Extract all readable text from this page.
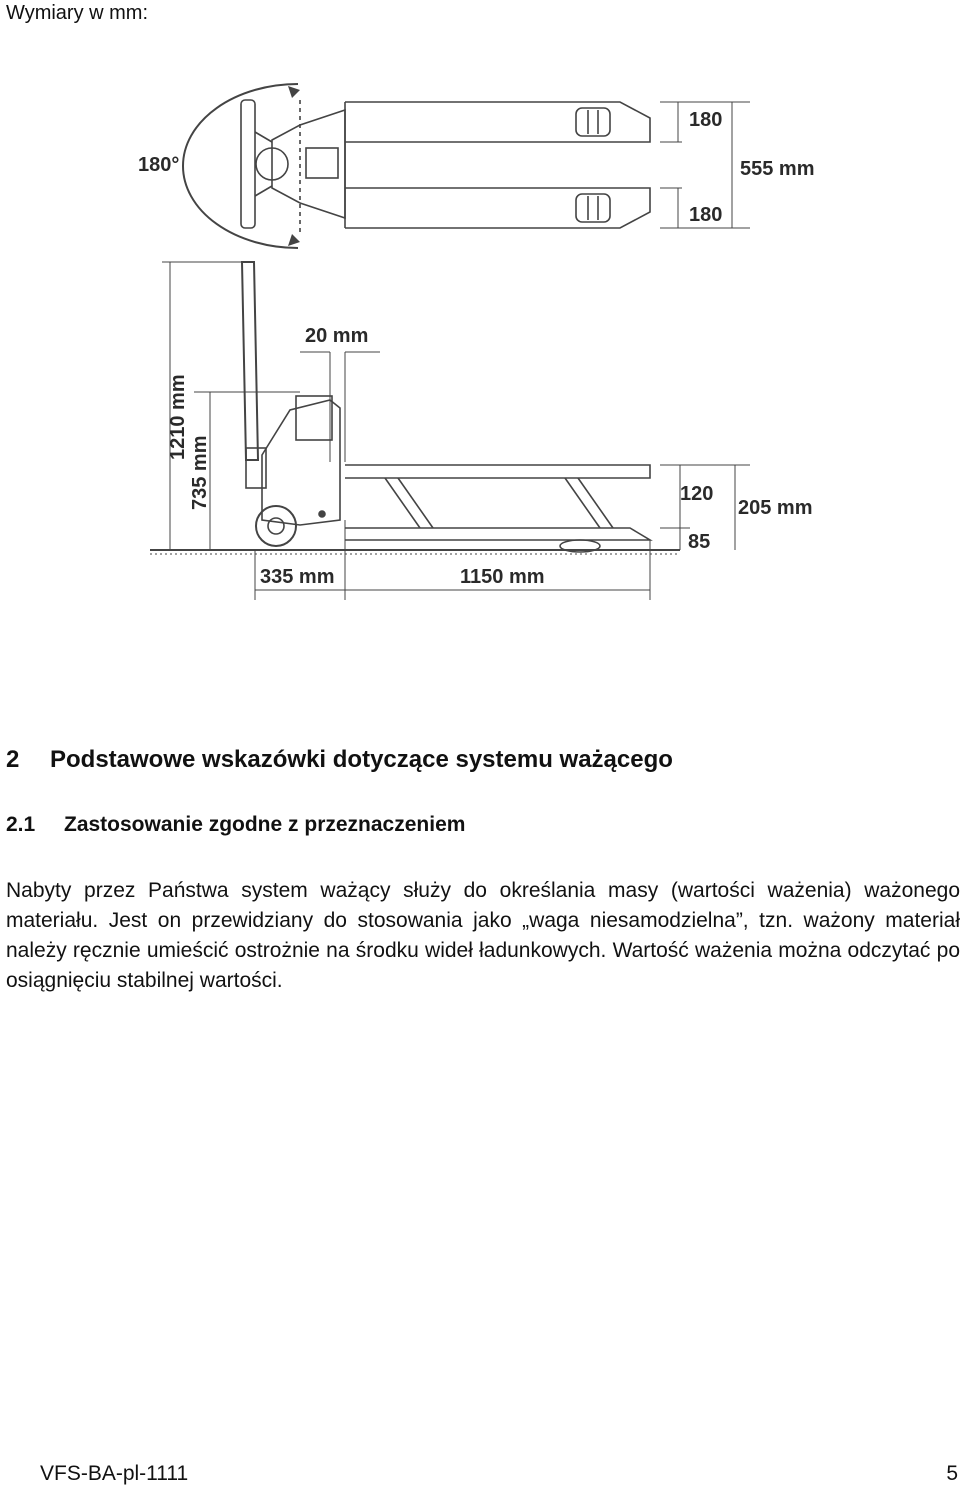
Wymiary w mm:
180°
180
180
555 mm
1210 mm
735 mm
20 mm
120
85
205 mm
335 mm	1150 mm
2 Podstawowe wskazówki dotyczące systemu ważącego
2.1 Zastosowanie zgodne z przeznaczeniem
Nabyty przez Państwa system ważący służy do określania masy (wartości ważenia) ważonego materiału. Jest on przewidziany do stosowania jako „waga niesamodzielna”, tzn. ważony materiał należy ręcznie umieścić ostrożnie na środku wideł ładunkowych. Wartość ważenia można odczytać po osiągnięciu stabilnej wartości.
VFS-BA-pl-1111	5
